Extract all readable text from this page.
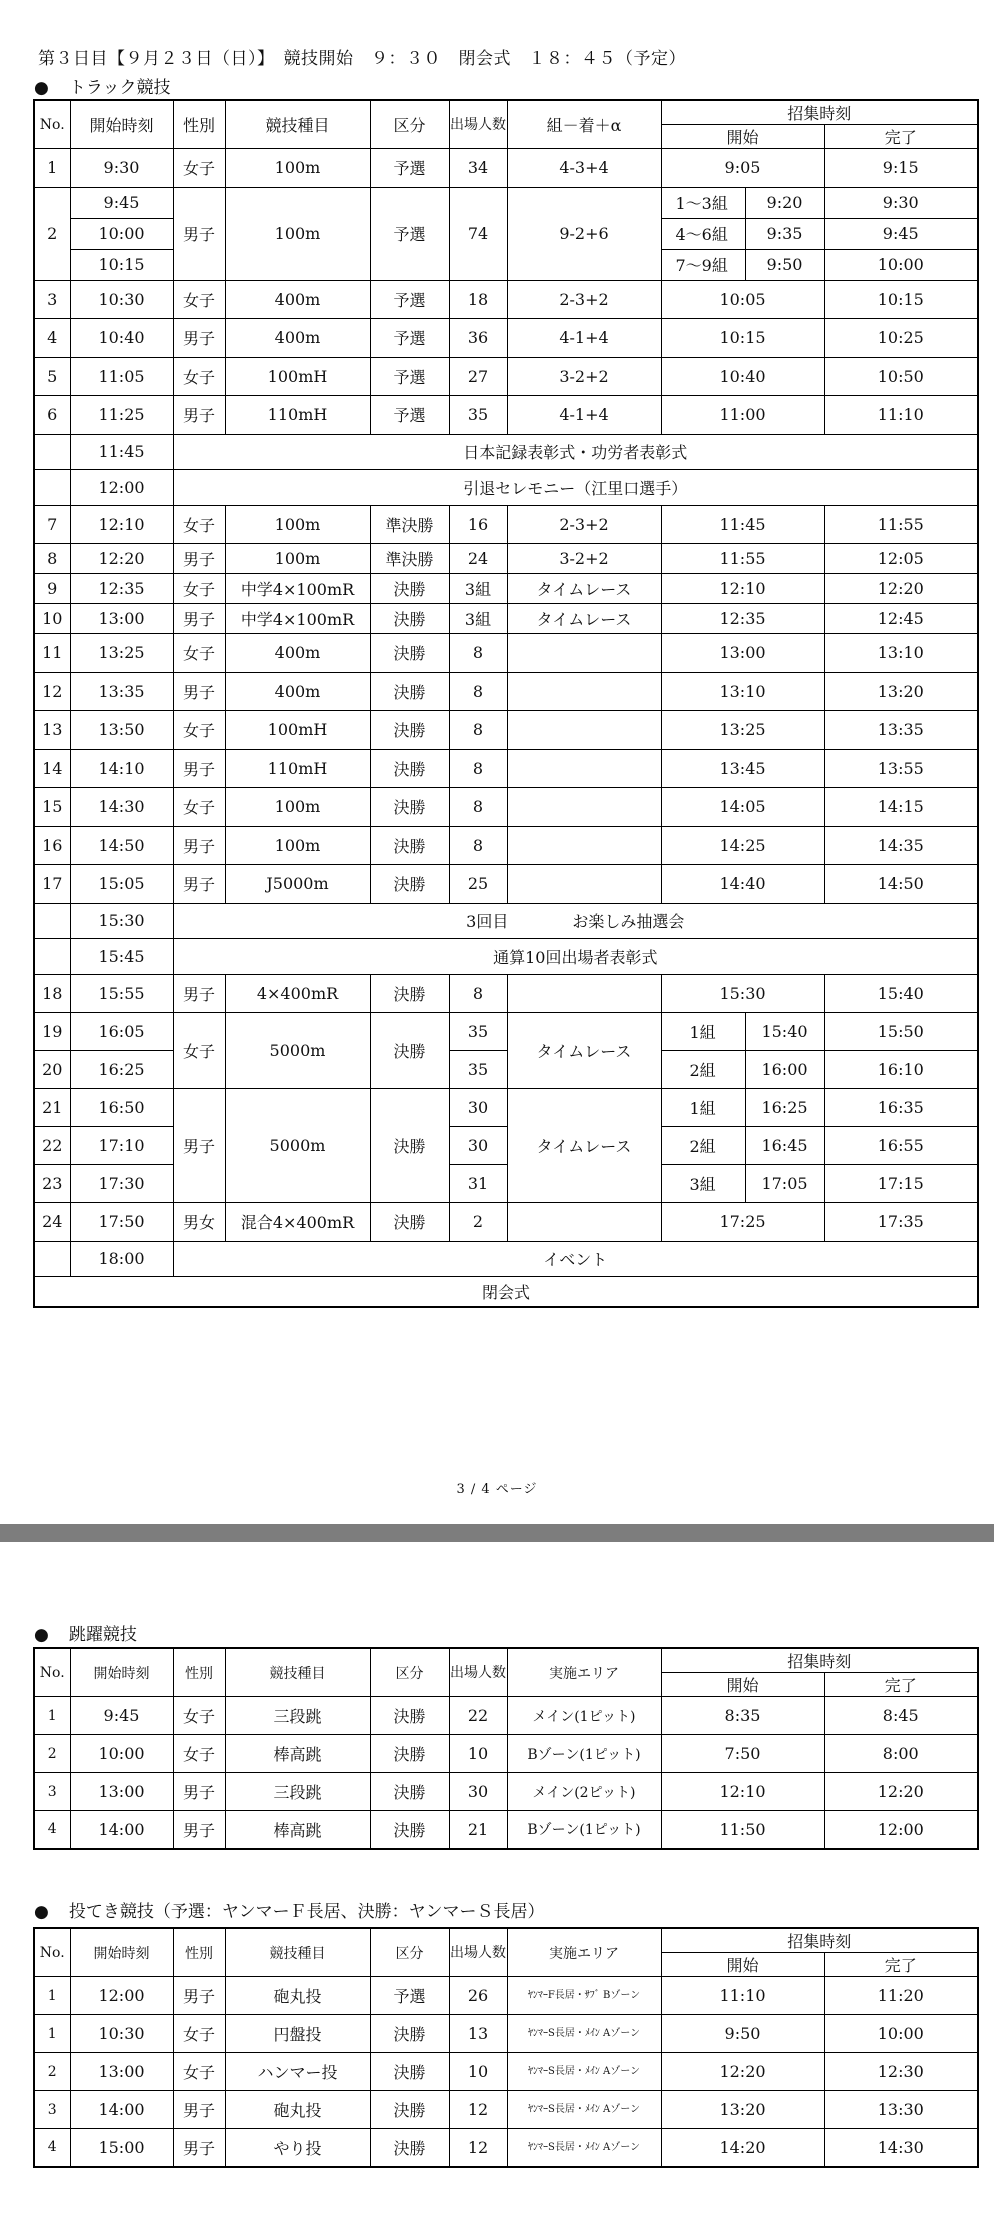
第３日目【９月２３日（日）】　競技開始　９：３０　閉会式　１８：４５（予定）
● トラック競技
No.	開始時刻	性別	競技種目	区分	出場人数	組－着＋α	招集時刻		
							開始		完了
1	9:30	女子	100m	予選	34	4-3+4	9:05		9:15
2	9:45	男子	100m	予選	74	9-2+6	1～3組	9:20	9:30
	10:00						4～6組	9:35	9:45
	10:15						7～9組	9:50	10:00
3	10:30	女子	400m	予選	18	2-3+2	10:05		10:15
4	10:40	男子	400m	予選	36	4-1+4	10:15		10:25
5	11:05	女子	100mH	予選	27	3-2+2	10:40		10:50
6	11:25	男子	110mH	予選	35	4-1+4	11:00		11:10
	11:45	日本記録表彰式・功労者表彰式							
	12:00	引退セレモニー（江里口選手）							
7	12:10	女子	100m	準決勝	16	2-3+2	11:45		11:55
8	12:20	男子	100m	準決勝	24	3-2+2	11:55		12:05
9	12:35	女子	中学4×100mR	決勝	3組	タイムレース	12:10		12:20
10	13:00	男子	中学4×100mR	決勝	3組	タイムレース	12:35		12:45
11	13:25	女子	400m	決勝	8		13:00		13:10
12	13:35	男子	400m	決勝	8		13:10		13:20
13	13:50	女子	100mH	決勝	8		13:25		13:35
14	14:10	男子	110mH	決勝	8		13:45		13:55
15	14:30	女子	100m	決勝	8		14:05		14:15
16	14:50	男子	100m	決勝	8		14:25		14:35
17	15:05	男子	J5000m	決勝	25		14:40		14:50
	15:30	3回目　　　　お楽しみ抽選会							
	15:45	通算10回出場者表彰式							
18	15:55	男子	4×400mR	決勝	8		15:30		15:40
19	16:05	女子	5000m	決勝	35	タイムレース	1組	15:40	15:50
20	16:25				35		2組	16:00	16:10
21	16:50	男子	5000m	決勝	30	タイムレース	1組	16:25	16:35
22	17:10				30		2組	16:45	16:55
23	17:30				31		3組	17:05	17:15
24	17:50	男女	混合4×400mR	決勝	2		17:25		17:35
	18:00	イベント							
閉会式									
3 / 4 ページ
● 跳躍競技
No.	開始時刻	性別	競技種目	区分	出場人数	実施エリア	招集時刻	
							開始	完了
1	9:45	女子	三段跳	決勝	22	メイン(1ピット)	8:35	8:45
2	10:00	女子	棒高跳	決勝	10	Bゾーン(1ピット)	7:50	8:00
3	13:00	男子	三段跳	決勝	30	メイン(2ピット)	12:10	12:20
4	14:00	男子	棒高跳	決勝	21	Bゾーン(1ピット)	11:50	12:00
● 投てき競技（予選：ヤンマーＦ長居、決勝：ヤンマーＳ長居）
No.	開始時刻	性別	競技種目	区分	出場人数	実施エリア	招集時刻	
							開始	完了
1	12:00	男子	砲丸投	予選	26	ﾔﾝﾏｰF長居・ｻﾌﾞ Bゾーン	11:10	11:20
1	10:30	女子	円盤投	決勝	13	ﾔﾝﾏｰS長居・ﾒｲﾝ Aゾーン	9:50	10:00
2	13:00	女子	ハンマー投	決勝	10	ﾔﾝﾏｰS長居・ﾒｲﾝ Aゾーン	12:20	12:30
3	14:00	男子	砲丸投	決勝	12	ﾔﾝﾏｰS長居・ﾒｲﾝ Aゾーン	13:20	13:30
4	15:00	男子	やり投	決勝	12	ﾔﾝﾏｰS長居・ﾒｲﾝ Aゾーン	14:20	14:30
